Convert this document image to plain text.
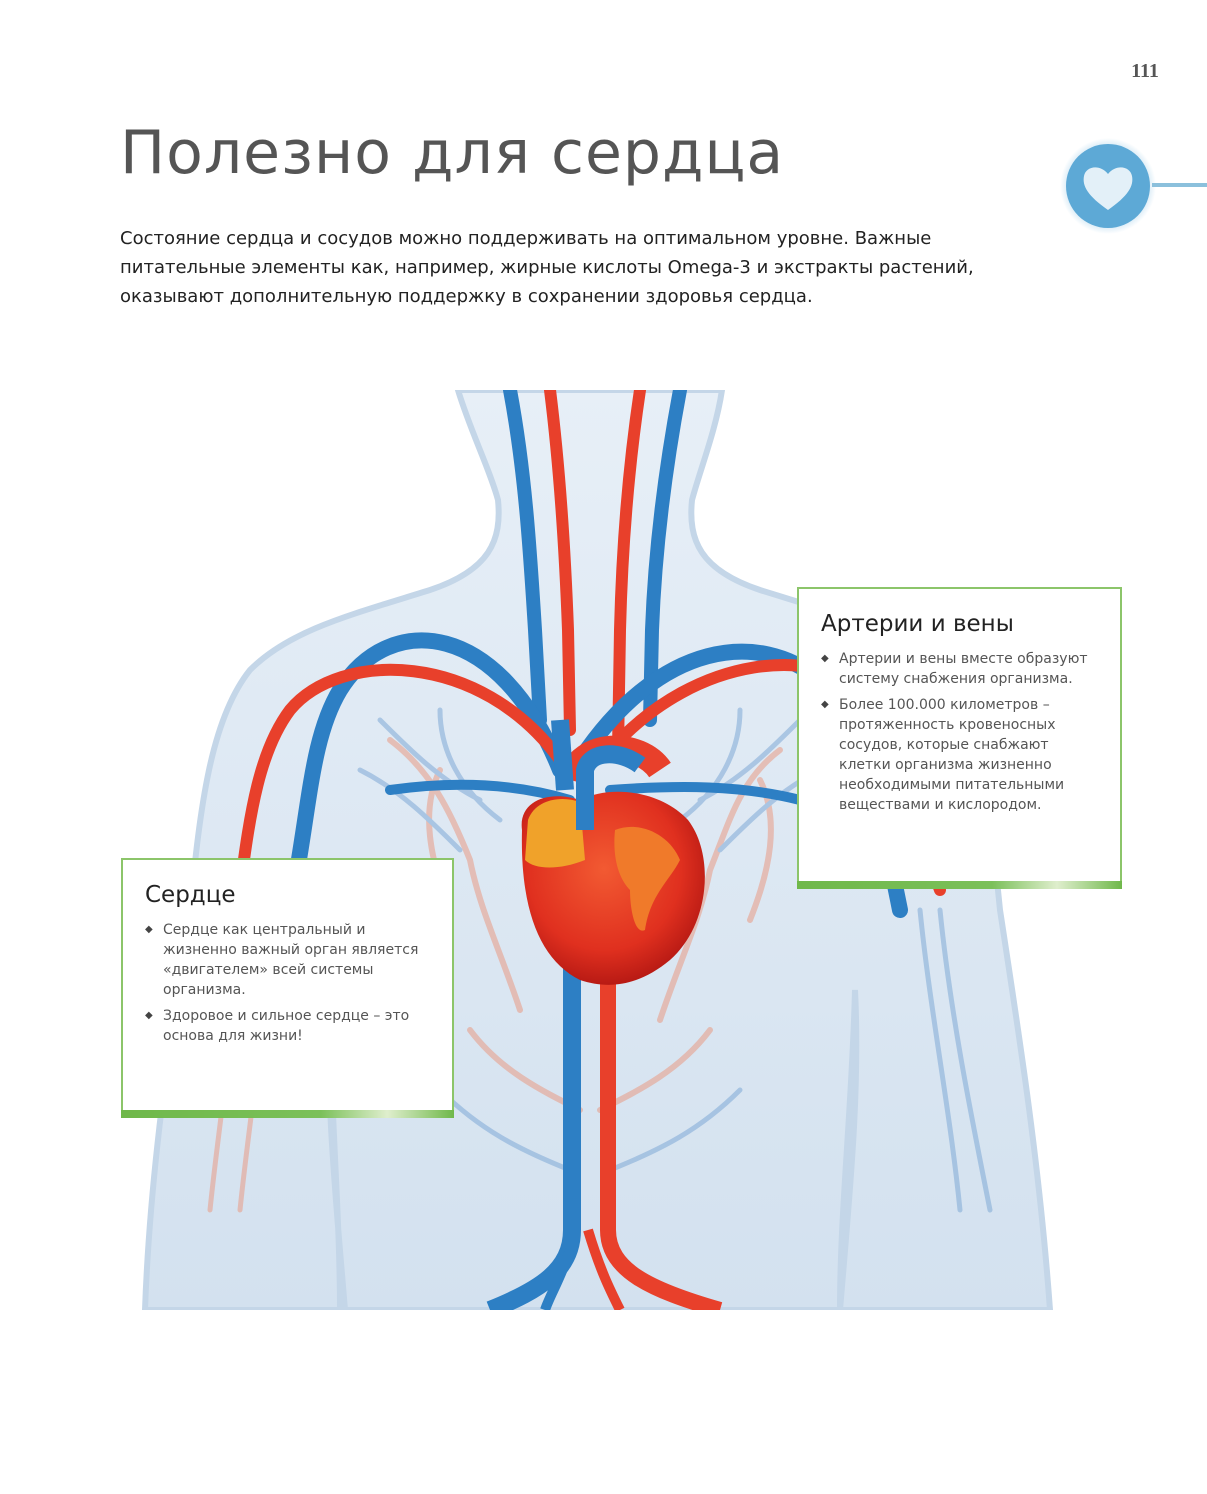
111
Полезно для сердца

Состояние сердца и сосудов можно поддерживать на оптимальном уровне. Важные питательные элементы как, например, жирные кислоты Omega-3 и экстракты растений, оказывают дополнительную поддержку в сохранении здоровья сердца.

Сердце
◆ Сердце как центральный и жизненно важный орган является «двигателем» всей системы организма.
◆ Здоровое и сильное сердце – это основа для жизни!
Артерии и вены
◆ Артерии и вены вместе образуют систему снабжения организма.
◆ Более 100.000 километров – протяженность кровеносных сосудов, которые снабжают клетки организма жизненно необходимыми питательными веществами и кислородом.
